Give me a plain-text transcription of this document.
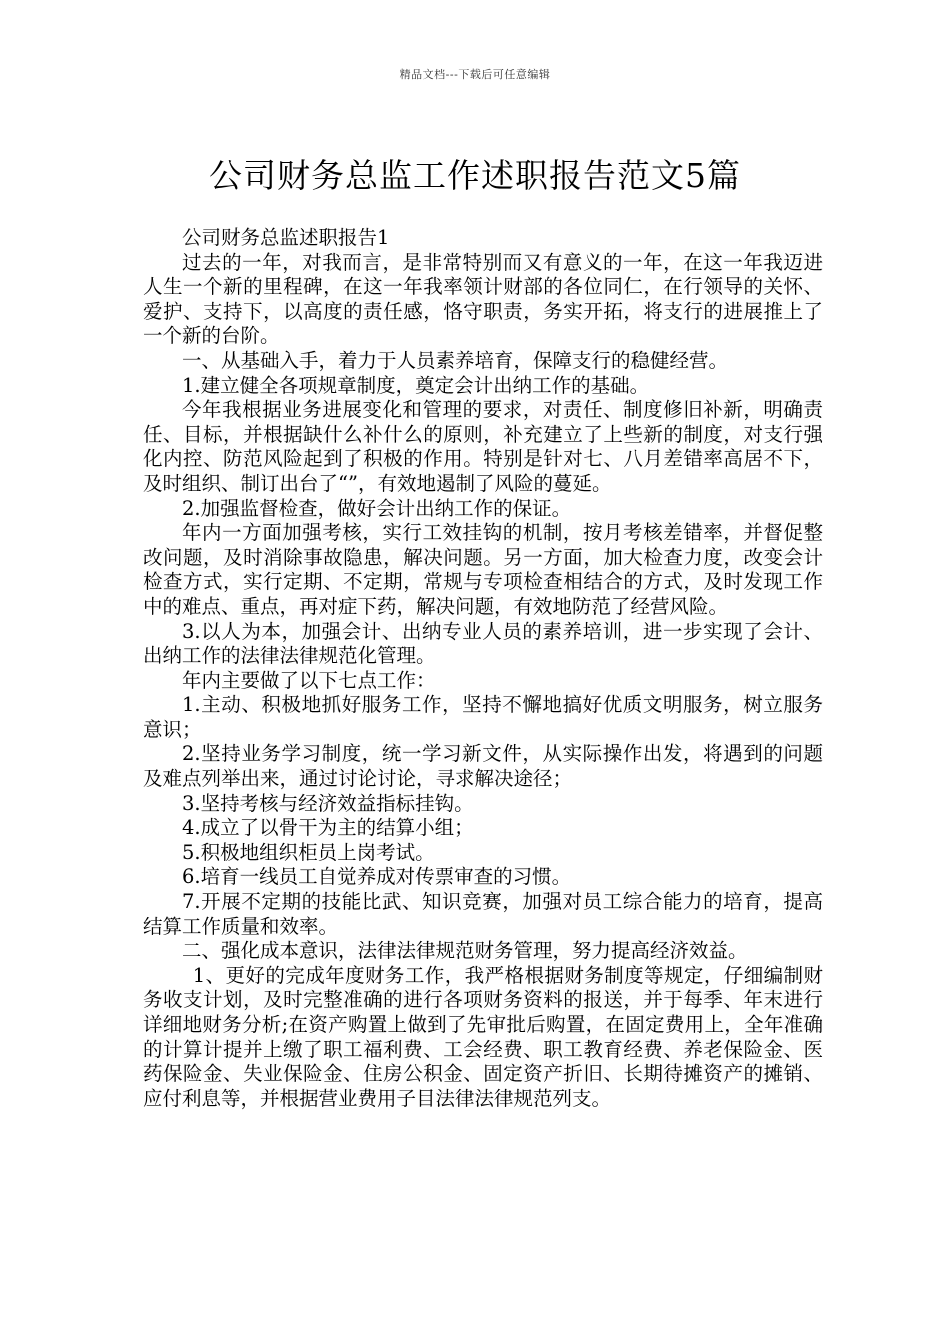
精品文档---下载后可任意编辑
公司财务总监工作述职报告范文5篇

公司财务总监述职报告1

过去的一年，对我而言，是非常特别而又有意义的一年，在这一年我迈进人生一个新的里程碑，在这一年我率领计财部的各位同仁，在行领导的关怀、爱护、支持下，以高度的责任感，恪守职责，务实开拓，将支行的进展推上了一个新的台阶。

一、从基础入手，着力于人员素养培育，保障支行的稳健经营。

1.建立健全各项规章制度，奠定会计出纳工作的基础。

今年我根据业务进展变化和管理的要求，对责任、制度修旧补新，明确责任、目标，并根据缺什么补什么的原则，补充建立了上些新的制度，对支行强化内控、防范风险起到了积极的作用。特别是针对七、八月差错率高居不下，及时组织、制订出台了“”，有效地遏制了风险的蔓延。

2.加强监督检查，做好会计出纳工作的保证。

年内一方面加强考核，实行工效挂钩的机制，按月考核差错率，并督促整改问题，及时消除事故隐患，解决问题。另一方面，加大检查力度，改变会计检查方式，实行定期、不定期，常规与专项检查相结合的方式，及时发现工作中的难点、重点，再对症下药，解决问题，有效地防范了经营风险。

3.以人为本，加强会计、出纳专业人员的素养培训，进一步实现了会计、出纳工作的法律法律规范化管理。

年内主要做了以下七点工作：

1.主动、积极地抓好服务工作，坚持不懈地搞好优质文明服务，树立服务意识；

2.坚持业务学习制度，统一学习新文件，从实际操作出发，将遇到的问题及难点列举出来，通过讨论讨论，寻求解决途径；

3.坚持考核与经济效益指标挂钩。

4.成立了以骨干为主的结算小组；

5.积极地组织柜员上岗考试。

6.培育一线员工自觉养成对传票审查的习惯。

7.开展不定期的技能比武、知识竞赛，加强对员工综合能力的培育，提高结算工作质量和效率。

二、强化成本意识，法律法律规范财务管理，努力提高经济效益。

1、更好的完成年度财务工作，我严格根据财务制度等规定，仔细编制财务收支计划，及时完整准确的进行各项财务资料的报送，并于每季、年末进行详细地财务分析;在资产购置上做到了先审批后购置，在固定费用上，全年准确的计算计提并上缴了职工福利费、工会经费、职工教育经费、养老保险金、医药保险金、失业保险金、住房公积金、固定资产折旧、长期待摊资产的摊销、应付利息等，并根据营业费用子目法律法律规范列支。
